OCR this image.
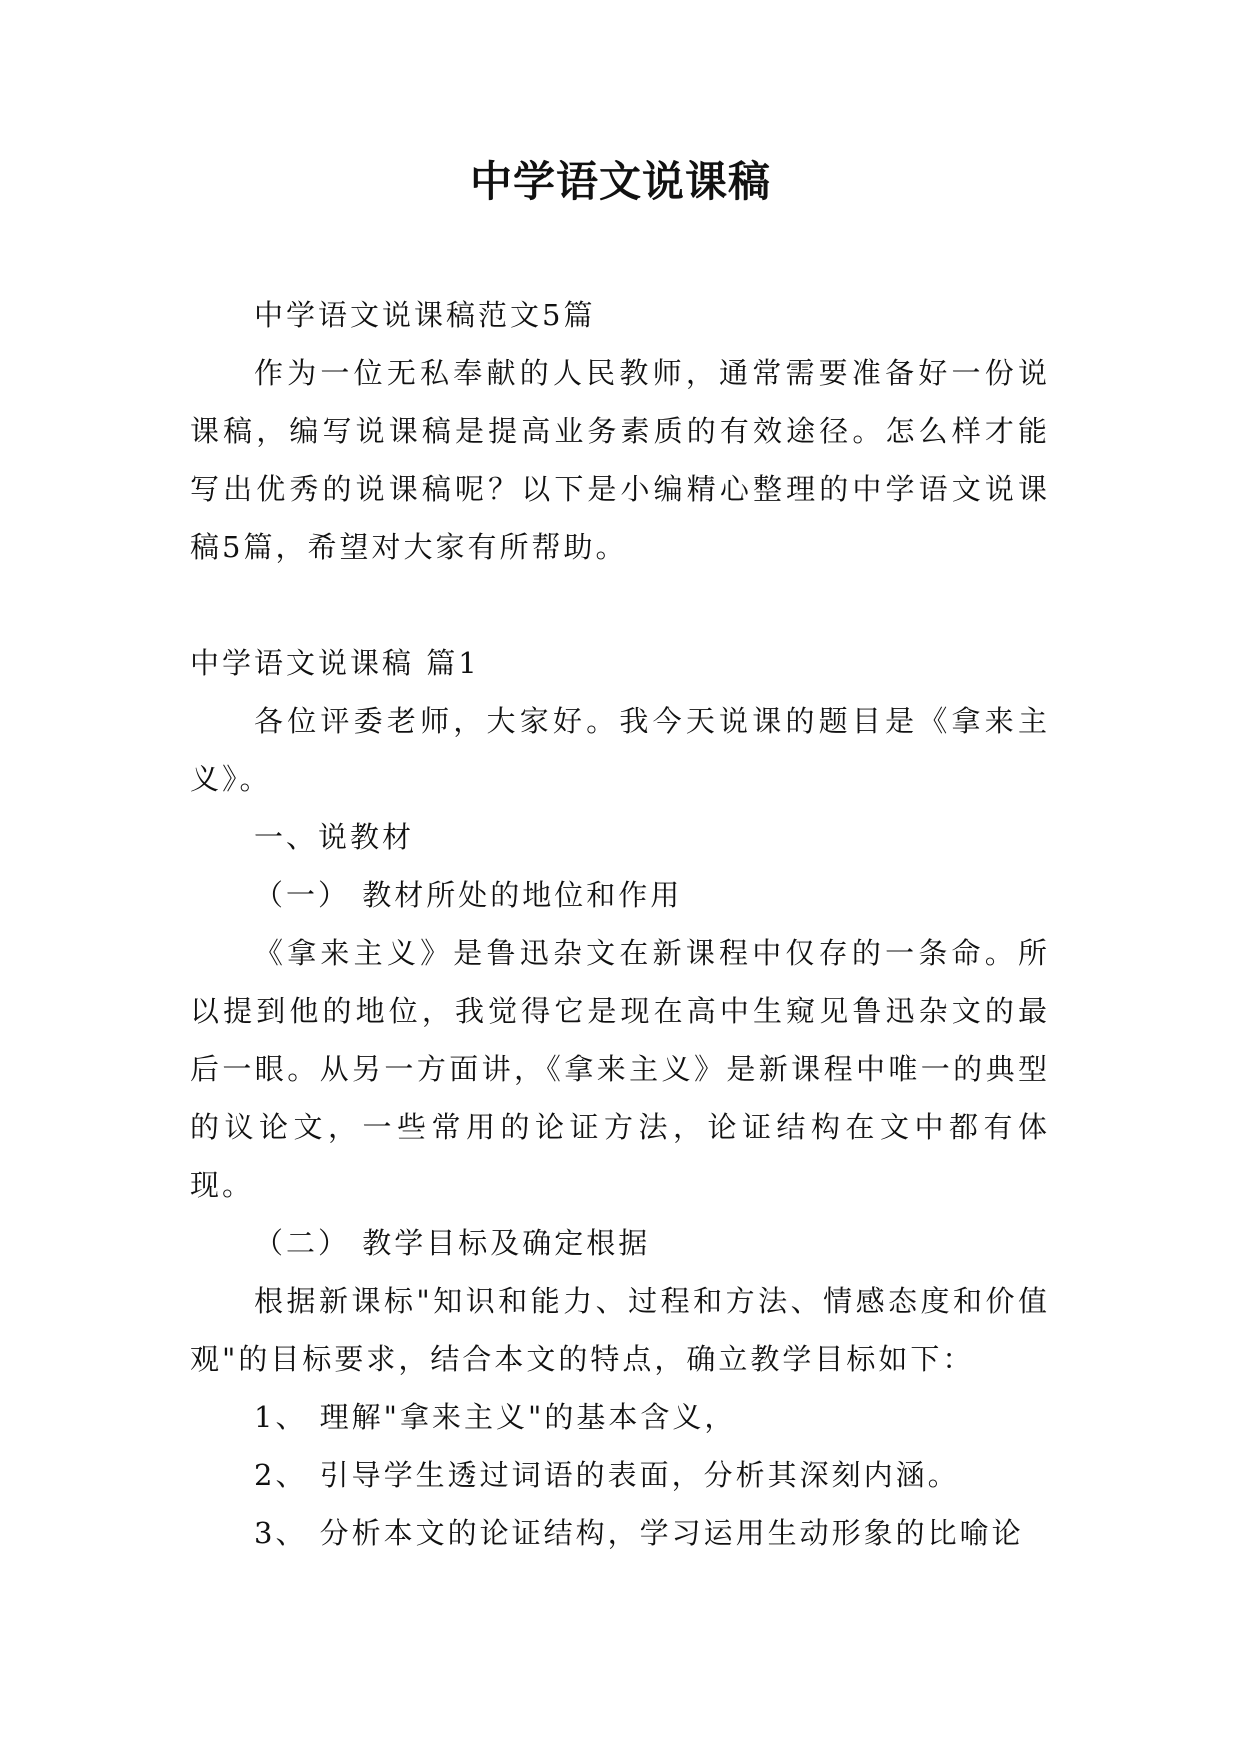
中学语文说课稿

中学语文说课稿范文5篇

作为一位无私奉献的人民教师，通常需要准备好一份说课稿，编写说课稿是提高业务素质的有效途径。怎么样才能写出优秀的说课稿呢？以下是小编精心整理的中学语文说课稿5篇，希望对大家有所帮助。

中学语文说课稿 篇1

各位评委老师，大家好。我今天说课的题目是《拿来主义》。

一、说教材

（一） 教材所处的地位和作用

《拿来主义》是鲁迅杂文在新课程中仅存的一条命。所以提到他的地位，我觉得它是现在高中生窥见鲁迅杂文的最后一眼。从另一方面讲，《拿来主义》是新课程中唯一的典型的议论文，一些常用的论证方法，论证结构在文中都有体现。

（二） 教学目标及确定根据

根据新课标"知识和能力、过程和方法、情感态度和价值观"的目标要求，结合本文的特点，确立教学目标如下：

1、 理解"拿来主义"的基本含义，

2、 引导学生透过词语的表面，分析其深刻内涵。

3、 分析本文的论证结构，学习运用生动形象的比喻论
